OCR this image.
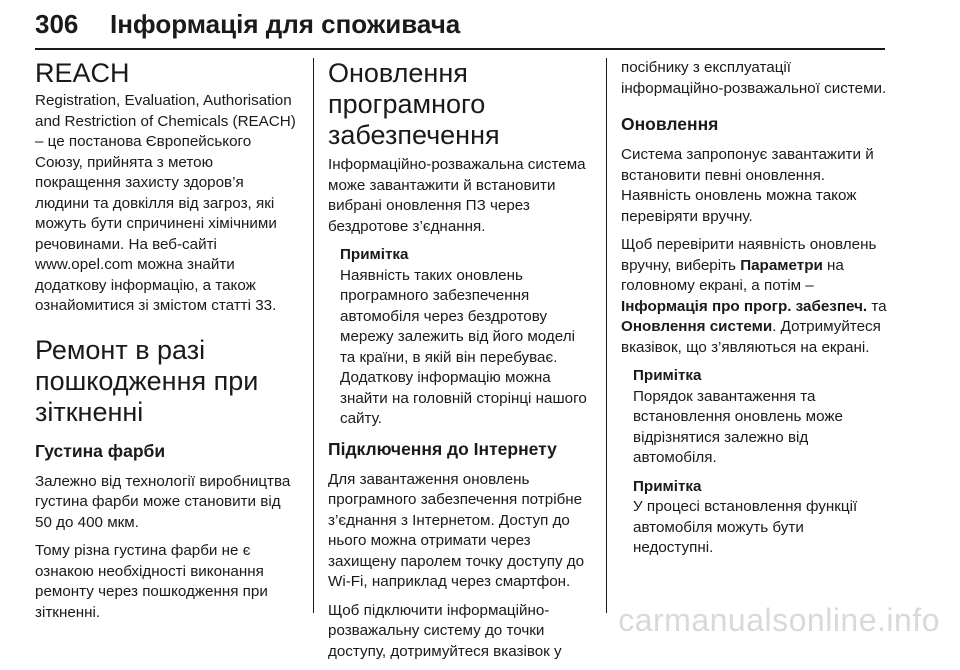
306 Інформація для споживача
REACH

Registration, Evaluation, Authorisation and Restriction of Chemicals (REACH) – це постанова Європейського Союзу, прийнята з метою покращення захисту здоров’я людини та довкілля від загроз, які можуть бути спричинені хімічними речовинами. На веб-сайті www.opel.com можна знайти додаткову інформацію, а також ознайомитися зі змістом статті 33.

Ремонт в разі пошкодження при зіткненні
Густина фарби

Залежно від технології виробництва густина фарби може становити від 50 до 400 мкм.

Тому різна густина фарби не є ознакою необхідності виконання ремонту через пошкодження при зіткненні.

Оновлення програмного забезпечення

Інформаційно-розважальна система може завантажити й встановити вибрані оновлення ПЗ через бездротове з’єднання.

Примітка
Наявність таких оновлень програмного забезпечення автомобіля через бездротову мережу залежить від його моделі та країни, в якій він перебуває. Додаткову інформацію можна знайти на головній сторінці нашого сайту.
Підключення до Інтернету

Для завантаження оновлень програмного забезпечення потрібне з’єднання з Інтернетом. Доступ до нього можна отримати через захищену паролем точку доступу до Wi-Fi, наприклад через смартфон.

Щоб підключити інформаційно-розважальну систему до точки доступу, дотримуйтеся вказівок у

посібнику з експлуатації інформаційно-розважальної системи.

Оновлення

Система запропонує завантажити й встановити певні оновлення. Наявність оновлень можна також перевіряти вручну.

Щоб перевірити наявність оновлень вручну, виберіть Параметри на головному екрані, а потім – Інформація про прогр. забезпеч. та Оновлення системи. Дотримуйтеся вказівок, що з’являються на екрані.

Примітка
Порядок завантаження та встановлення оновлень може відрізнятися залежно від автомобіля.
Примітка
У процесі встановлення функції автомобіля можуть бути недоступні.
carmanualsonline.info
